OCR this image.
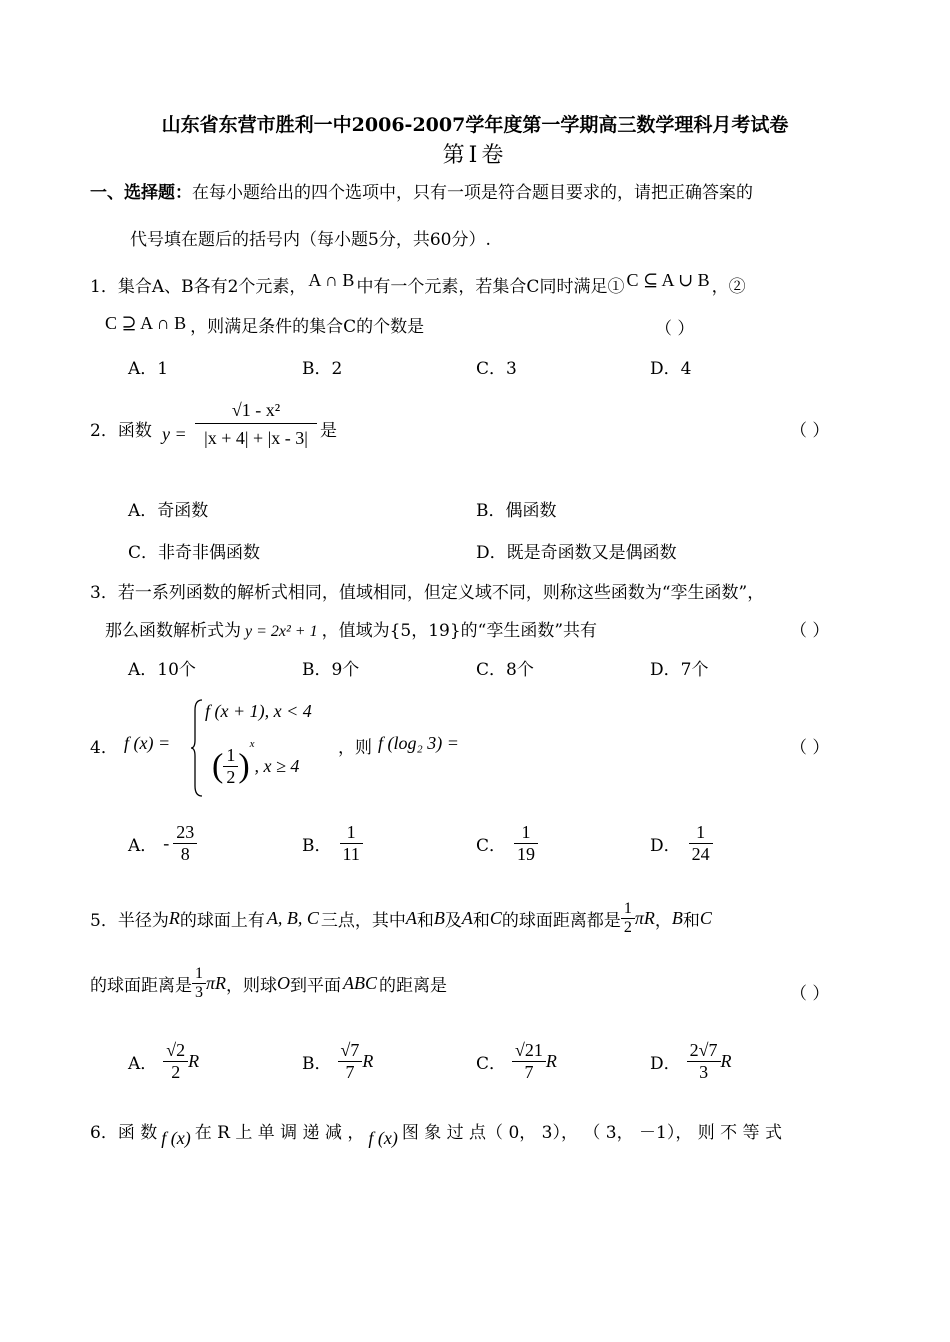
山东省东营市胜利一中2006-2007学年度第一学期高三数学理科月考试卷
第Ⅰ卷
一、选择题：在每小题给出的四个选项中，只有一项是符合题目要求的，请把正确答案的
代号填在题后的括号内（每小题5分，共60分）.
1．集合A、B各有2个元素， A ∩ B 中有一个元素，若集合C同时满足① C ⊆ A ∪ B ，②
C ⊇ A ∩ B ，则满足条件的集合C的个数是	（ ）
A．1	B．2	C．3	D．4
2．函数 $y = \frac{\text{√1 - x²}}{|x + 4| + |x - 3|}$ 是	（ ）
A．奇函数	B．偶函数
C．非奇非偶函数	D．既是奇函数又是偶函数
3．若一系列函数的解析式相同，值域相同，但定义域不同，则称这些函数为“孪生函数”，
那么函数解析式为 y = 2x² + 1 ，值域为{5，19}的“孪生函数”共有	（ ）
A．10个	B．9个	C．8个	D．7个
4． f (x) =
f (x + 1), x < 4
( $\frac{1}{2} )^x$, x ≥ 4
，则 f (log₂ 3) =	（ ）
A． - $\frac{23}{8}$	B． $\frac{1}{11}$	C． $\frac{1}{19}$	D． $\frac{1}{24}$
5．半径为R的球面上有 A, B, C 三点，其中A和B及A和C的球面距离都是 $\frac{1}{2}$ πR，B和C
的球面距离是 $\frac{1}{3}$ πR，则球O到平面 ABC 的距离是	（ ）
A． $\frac{√2}{2}$ R	B． $\frac{√7}{7}$ R	C． $\frac{√21}{7}$ R	D． $\frac{2√7}{3}$ R
6．函 数 f (x) 在 R 上 单 调 递 减 ， f (x) 图 象 过 点（ 0， 3）， （ 3， －1）， 则 不 等 式
